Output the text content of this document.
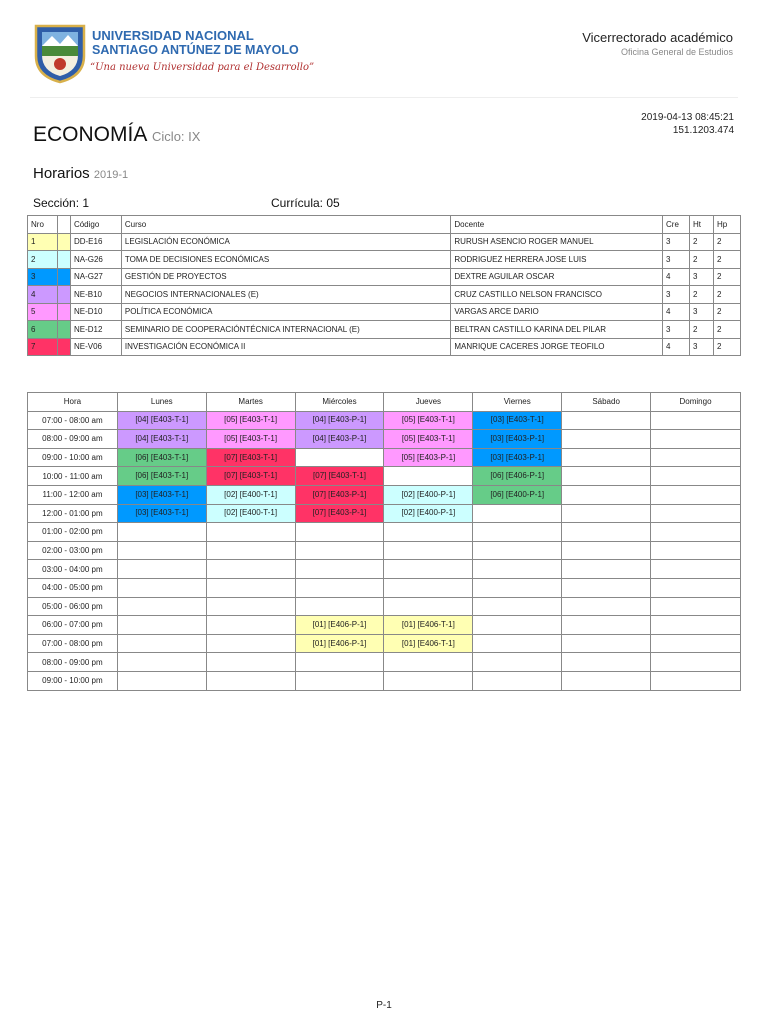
UNIVERSIDAD NACIONAL
SANTIAGO ANTÚNEZ DE MAYOLO
“Una nueva Universidad para el Desarrollo”
Vicerrectorado académico
Oficina General de Estudios
2019-04-13 08:45:21
151.1203.474
ECONOMÍA Ciclo: IX
Horarios 2019-1
Sección: 1	Currícula: 05
Nro		Código	Curso	Docente	Cre	Ht	Hp
1		DD-E16	LEGISLACIÓN ECONÓMICA	RURUSH ASENCIO ROGER MANUEL	3	2	2
2		NA-G26	TOMA DE DECISIONES ECONÓMICAS	RODRIGUEZ HERRERA JOSE LUIS	3	2	2
3		NA-G27	GESTIÓN DE PROYECTOS	DEXTRE AGUILAR OSCAR	4	3	2
4		NE-B10	NEGOCIOS INTERNACIONALES (E)	CRUZ CASTILLO NELSON FRANCISCO	3	2	2
5		NE-D10	POLÍTICA ECONÓMICA	VARGAS ARCE DARIO	4	3	2
6		NE-D12	SEMINARIO DE COOPERACIÓNTÉCNICA INTERNACIONAL (E)	BELTRAN CASTILLO KARINA DEL PILAR	3	2	2
7		NE-V06	INVESTIGACIÓN ECONÓMICA II	MANRIQUE CACERES JORGE TEOFILO	4	3	2
Hora	Lunes	Martes	Miércoles	Jueves	Viernes	Sábado	Domingo
07:00 - 08:00 am	[04] [E403-T-1]	[05] [E403-T-1]	[04] [E403-P-1]	[05] [E403-T-1]	[03] [E403-T-1]		

08:00 - 09:00 am	[04] [E403-T-1]	[05] [E403-T-1]	[04] [E403-P-1]	[05] [E403-T-1]	[03] [E403-P-1]		

09:00 - 10:00 am	[06] [E403-T-1]	[07] [E403-T-1]		[05] [E403-P-1]	[03] [E403-P-1]		

10:00 - 11:00 am	[06] [E403-T-1]	[07] [E403-T-1]	[07] [E403-T-1]		[06] [E406-P-1]		

11:00 - 12:00 am	[03] [E403-T-1]	[02] [E400-T-1]	[07] [E403-P-1]	[02] [E400-P-1]	[06] [E400-P-1]		

12:00 - 01:00 pm	[03] [E403-T-1]	[02] [E400-T-1]	[07] [E403-P-1]	[02] [E400-P-1]			

01:00 - 02:00 pm							
02:00 - 03:00 pm							
03:00 - 04:00 pm							
04:00 - 05:00 pm							
05:00 - 06:00 pm							
06:00 - 07:00 pm			[01] [E406-P-1]	[01] [E406-T-1]			

07:00 - 08:00 pm			[01] [E406-P-1]	[01] [E406-T-1]			

08:00 - 09:00 pm							
09:00 - 10:00 pm							
P-1
